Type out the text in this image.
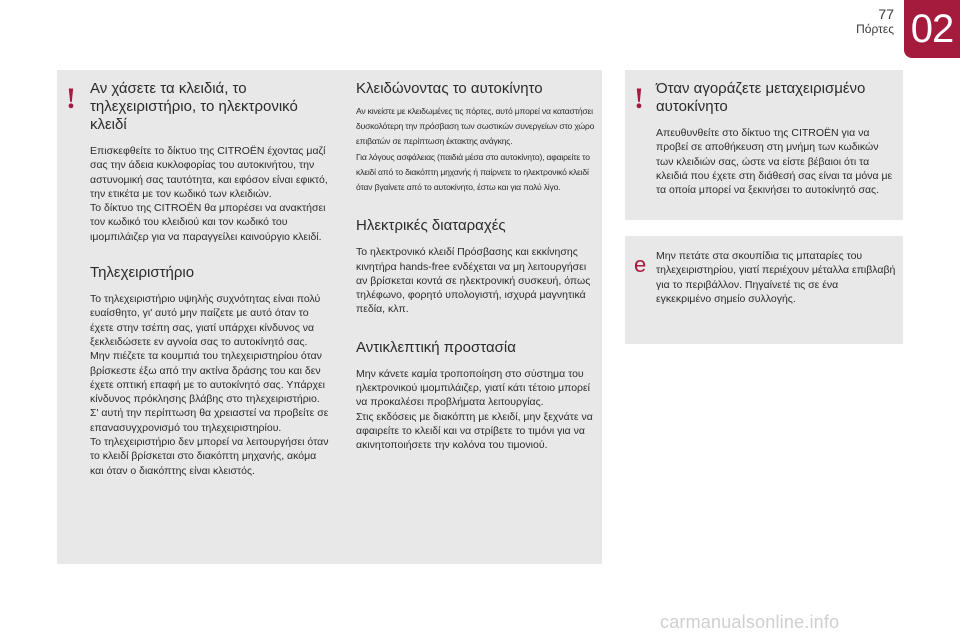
77
Πόρτες 02
! Αν χάσετε τα κλειδιά, το τηλεχειριστήριο, το ηλεκτρονικό κλειδί
Επισκεφθείτε το δίκτυο της CITROËN έχοντας μαζί σας την άδεια κυκλοφορίας του αυτοκινήτου, την αστυνομική σας ταυτότητα, και εφόσον είναι εφικτό, την ετικέτα με τον κωδικό των κλειδιών.
Το δίκτυο της CITROËN θα μπορέσει να ανακτήσει τον κωδικό του κλειδιού και τον κωδικό του ιμομπιλάιζερ για να παραγγείλει καινούργιο κλειδί.
Τηλεχειριστήριο
Το τηλεχειριστήριο υψηλής συχνότητας είναι πολύ ευαίσθητο, γι' αυτό μην παίζετε με αυτό όταν το έχετε στην τσέπη σας, γιατί υπάρχει κίνδυνος να ξεκλειδώσετε εν αγνοία σας το αυτοκίνητό σας.
Μην πιέζετε τα κουμπιά του τηλεχειριστηρίου όταν βρίσκεστε έξω από την ακτίνα δράσης του και δεν έχετε οπτική επαφή με το αυτοκίνητό σας. Υπάρχει κίνδυνος πρόκλησης βλάβης στο τηλεχειριστήριο. Σ' αυτή την περίπτωση θα χρειαστεί να προβείτε σε επανασυγχρονισμό του τηλεχειριστηρίου.
Το τηλεχειριστήριο δεν μπορεί να λειτουργήσει όταν το κλειδί βρίσκεται στο διακόπτη μηχανής, ακόμα και όταν ο διακόπτης είναι κλειστός.
Κλειδώνοντας το αυτοκίνητο
Αν κινείστε με κλειδωμένες τις πόρτες, αυτό μπορεί να καταστήσει δυσκολότερη την πρόσβαση των σωστικών συνεργείων στο χώρο επιβατών σε περίπτωση έκτακτης ανάγκης.
Για λόγους ασφάλειας (παιδιά μέσα στο αυτοκίνητο), αφαιρείτε το κλειδί από το διακόπτη μηχανής ή παίρνετε το ηλεκτρονικό κλειδί όταν βγαίνετε από το αυτοκίνητο, έστω και για πολύ λίγο.
Ηλεκτρικές διαταραχές
Το ηλεκτρονικό κλειδί Πρόσβασης και εκκίνησης κινητήρα hands-free ενδέχεται να μη λειτουργήσει αν βρίσκεται κοντά σε ηλεκτρονική συσκευή, όπως τηλέφωνο, φορητό υπολογιστή, ισχυρά μαγνητικά πεδία, κλπ.
Αντικλεπτική προστασία
Μην κάνετε καμία τροποποίηση στο σύστημα του ηλεκτρονικού ιμομπιλάιζερ, γιατί κάτι τέτοιο μπορεί να προκαλέσει προβλήματα λειτουργίας.
Στις εκδόσεις με διακόπτη με κλειδί, μην ξεχνάτε να αφαιρείτε το κλειδί και να στρίβετε το τιμόνι για να ακινητοποιήσετε την κολόνα του τιμονιού.
! Όταν αγοράζετε μεταχειρισμένο αυτοκίνητο
Απευθυνθείτε στο δίκτυο της CITROËN για να προβεί σε αποθήκευση στη μνήμη των κωδικών των κλειδιών σας, ώστε να είστε βέβαιοι ότι τα κλειδιά που έχετε στη διάθεσή σας είναι τα μόνα με τα οποία μπορεί να ξεκινήσει το αυτοκίνητό σας.
e Μην πετάτε στα σκουπίδια τις μπαταρίες του τηλεχειριστηρίου, γιατί περιέχουν μέταλλα επιβλαβή για το περιβάλλον. Πηγαίνετέ τις σε ένα εγκεκριμένο σημείο συλλογής.
carmanualsonline.info
